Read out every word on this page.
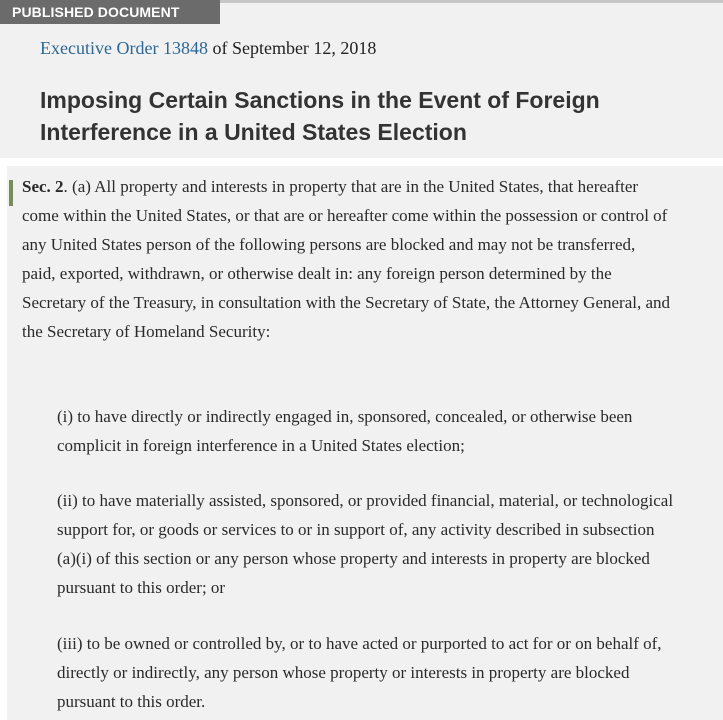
PUBLISHED DOCUMENT
Executive Order 13848 of September 12, 2018
Imposing Certain Sanctions in the Event of Foreign Interference in a United States Election

Sec. 2. (a) All property and interests in property that are in the United States, that hereafter come within the United States, or that are or hereafter come within the possession or control of any United States person of the following persons are blocked and may not be transferred, paid, exported, withdrawn, or otherwise dealt in: any foreign person determined by the Secretary of the Treasury, in consultation with the Secretary of State, the Attorney General, and the Secretary of Homeland Security:

(i) to have directly or indirectly engaged in, sponsored, concealed, or otherwise been complicit in foreign interference in a United States election;

(ii) to have materially assisted, sponsored, or provided financial, material, or technological support for, or goods or services to or in support of, any activity described in subsection (a)(i) of this section or any person whose property and interests in property are blocked pursuant to this order; or

(iii) to be owned or controlled by, or to have acted or purported to act for or on behalf of, directly or indirectly, any person whose property or interests in property are blocked pursuant to this order.
